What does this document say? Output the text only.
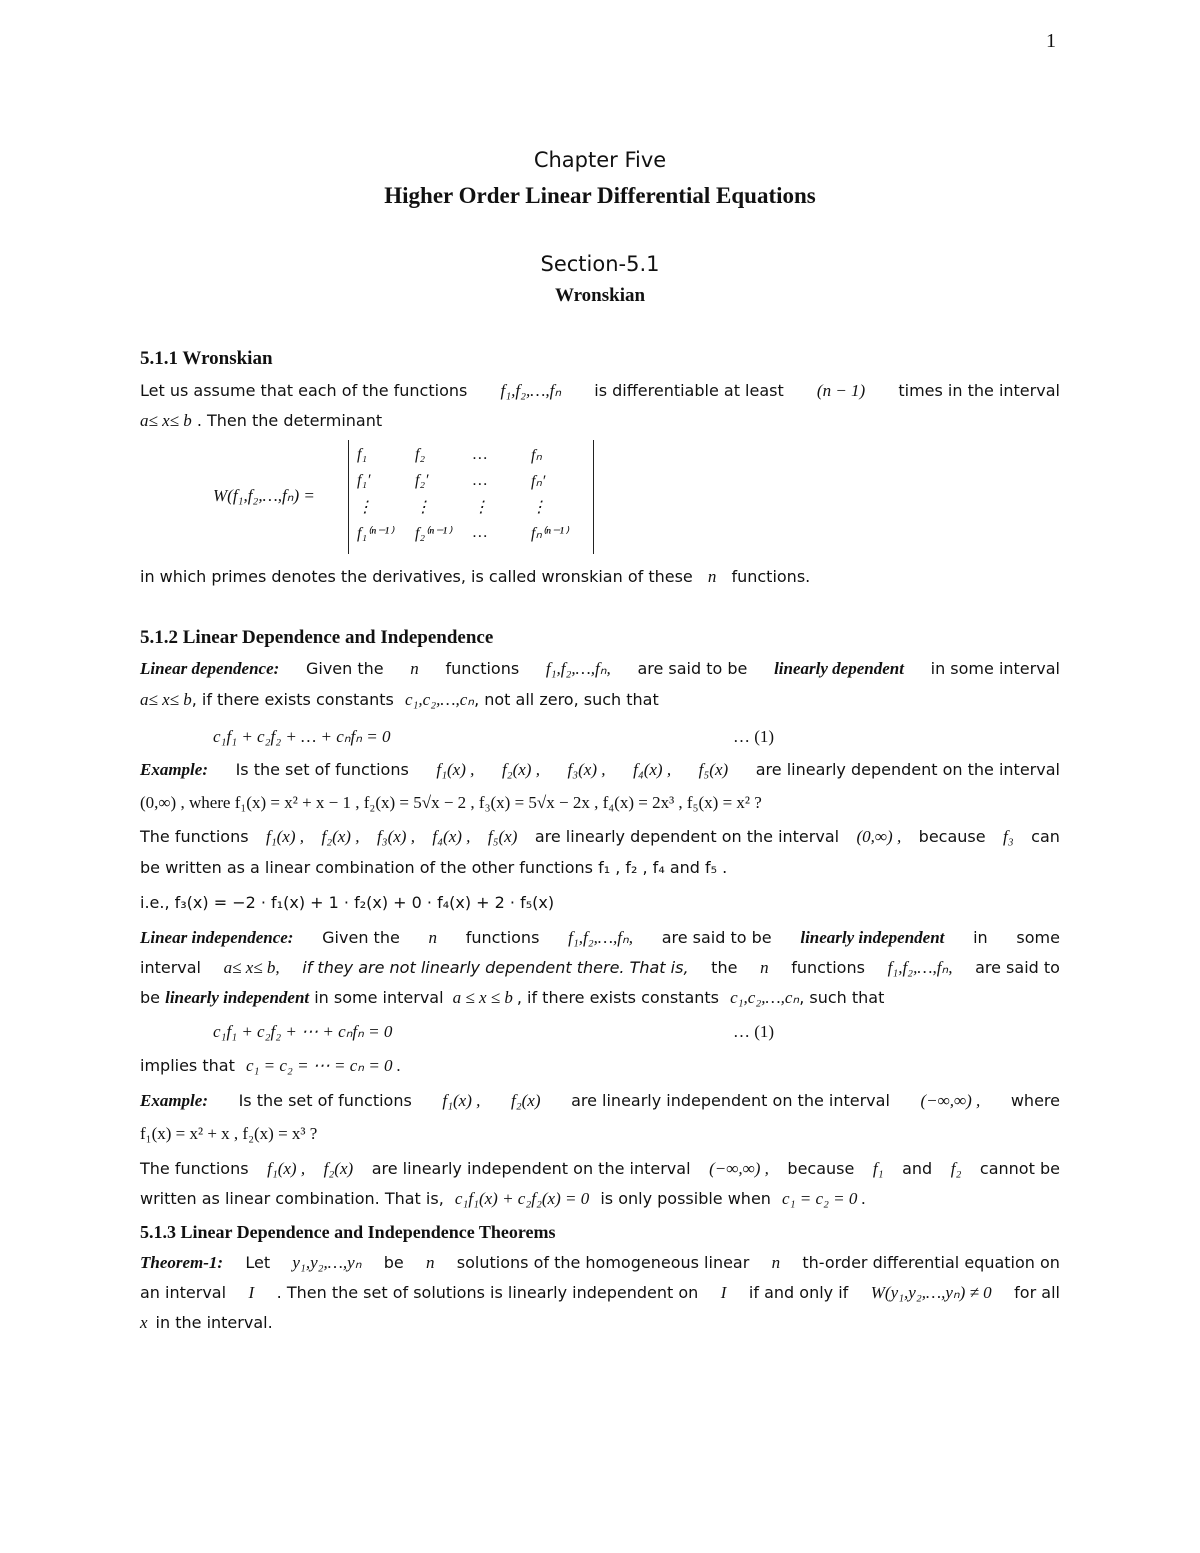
1
Chapter Five
Higher Order Linear Differential Equations
Section-5.1
Wronskian
5.1.1 Wronskian
Let us assume that each of the functions f₁,f₂,…,fₙ is differentiable at least (n − 1) times in the interval
a≤ x≤ b . Then the determinant
W(f₁,f₂,…,fₙ) =
f₁	f₂	…	fₙ
f₁′	f₂′	…	fₙ′
⋮	⋮	⋮	⋮
f₁⁽ⁿ⁻¹⁾	f₂⁽ⁿ⁻¹⁾	…	fₙ⁽ⁿ⁻¹⁾
in which primes denotes the derivatives, is called wronskian of these n functions.
5.1.2 Linear Dependence and Independence
Linear dependence: Given the n functions f₁,f₂,…,fₙ, are said to be linearly dependent in some interval
a≤ x≤ b, if there exists constants c₁,c₂,…,cₙ, not all zero, such that
c₁f₁ + c₂f₂ + … + cₙfₙ = 0	… (1)
Example: Is the set of functions f₁(x) , f₂(x) , f₃(x) , f₄(x) , f₅(x) are linearly dependent on the interval
(0,∞) , where f₁(x) = x² + x − 1 , f₂(x) = 5√x − 2 , f₃(x) = 5√x − 2x , f₄(x) = 2x³ , f₅(x) = x² ?
The functions f₁(x) , f₂(x) , f₃(x) , f₄(x) , f₅(x) are linearly dependent on the interval (0,∞) , because f₃ can
be written as a linear combination of the other functions f₁ , f₂ , f₄ and f₅ .
i.e., f₃(x) = −2 · f₁(x) + 1 · f₂(x) + 0 · f₄(x) + 2 · f₅(x)
Linear independence: Given the n functions f₁,f₂,…,fₙ, are said to be linearly independent in some
interval a≤ x≤ b, if they are not linearly dependent there. That is, the n functions f₁,f₂,…,fₙ, are said to
be linearly independent in some interval a ≤ x ≤ b , if there exists constants c₁,c₂,…,cₙ, such that
c₁f₁ + c₂f₂ + ⋯ + cₙfₙ = 0	… (1)
implies that c₁ = c₂ = ⋯ = cₙ = 0 .
Example: Is the set of functions f₁(x) , f₂(x) are linearly independent on the interval (−∞,∞) , where
f₁(x) = x² + x , f₂(x) = x³ ?
The functions f₁(x) , f₂(x) are linearly independent on the interval (−∞,∞) , because f₁ and f₂ cannot be
written as linear combination. That is, c₁f₁(x) + c₂f₂(x) = 0 is only possible when c₁ = c₂ = 0 .
5.1.3 Linear Dependence and Independence Theorems
Theorem-1: Let y₁,y₂,…,yₙ be n solutions of the homogeneous linear n th-order differential equation on
an interval I . Then the set of solutions is linearly independent on I if and only if W(y₁,y₂,…,yₙ) ≠ 0 for all
x in the interval.
